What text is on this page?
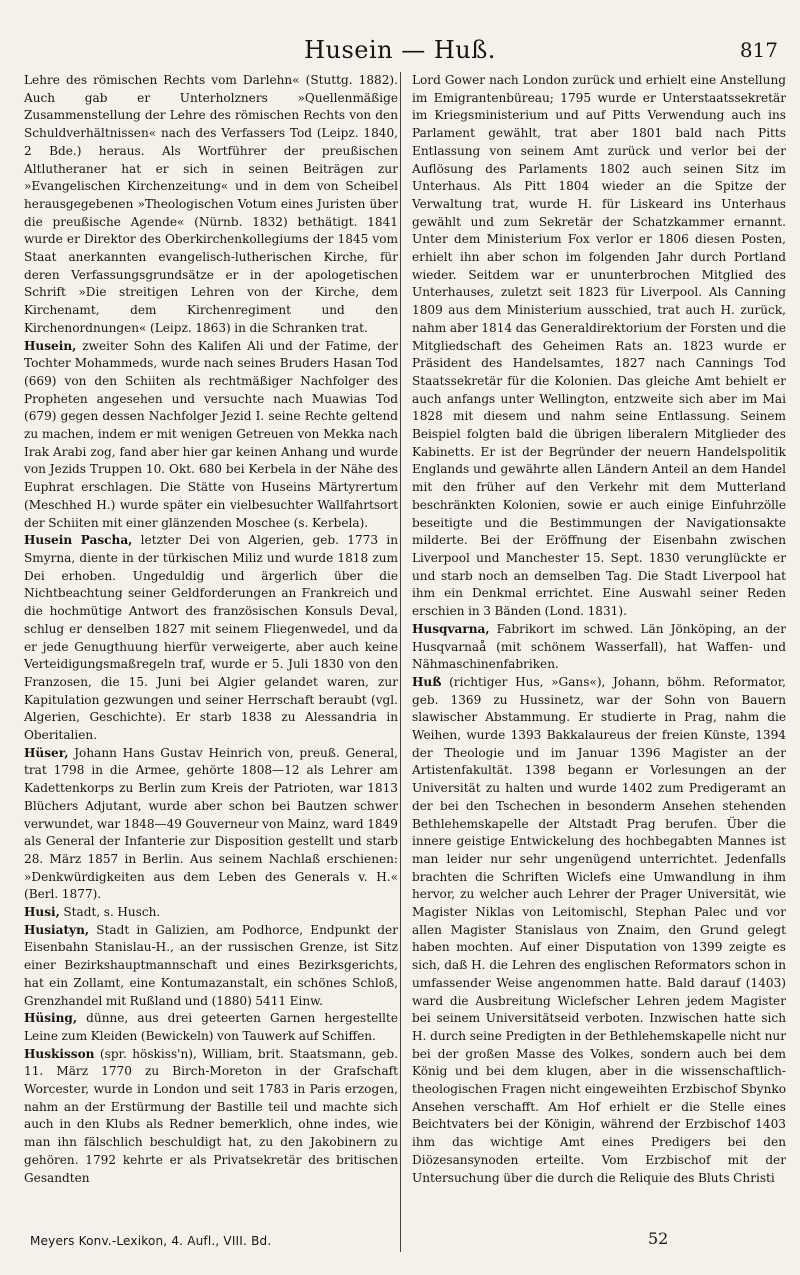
Husein — Huß.	817

Lehre des römischen Rechts vom Darlehn« (Stuttg. 1882). Auch gab er Unterholzners »Quellenmäßige Zusammenstellung der Lehre des römischen Rechts von den Schuldverhältnissen« nach des Verfassers Tod (Leipz. 1840, 2 Bde.) heraus. Als Wortführer der preußischen Altlutheraner hat er sich in seinen Beiträgen zur »Evangelischen Kirchenzeitung« und in dem von Scheibel herausgegebenen »Theologischen Votum eines Juristen über die preußische Agende« (Nürnb. 1832) bethätigt. 1841 wurde er Direktor des Oberkirchenkollegiums der 1845 vom Staat anerkannten evangelisch-lutherischen Kirche, für deren Verfassungsgrundsätze er in der apologetischen Schrift »Die streitigen Lehren von der Kirche, dem Kirchenamt, dem Kirchenregiment und den Kirchenordnungen« (Leipz. 1863) in die Schranken trat.

Husein, zweiter Sohn des Kalifen Ali und der Fatime, der Tochter Mohammeds, wurde nach seines Bruders Hasan Tod (669) von den Schiiten als rechtmäßiger Nachfolger des Propheten angesehen und versuchte nach Muawias Tod (679) gegen dessen Nachfolger Jezid I. seine Rechte geltend zu machen, indem er mit wenigen Getreuen von Mekka nach Irak Arabi zog, fand aber hier gar keinen Anhang und wurde von Jezids Truppen 10. Okt. 680 bei Kerbela in der Nähe des Euphrat erschlagen. Die Stätte von Huseins Märtyrertum (Meschhed H.) wurde später ein vielbesuchter Wallfahrtsort der Schiiten mit einer glänzenden Moschee (s. Kerbela).

Husein Pascha, letzter Dei von Algerien, geb. 1773 in Smyrna, diente in der türkischen Miliz und wurde 1818 zum Dei erhoben. Ungeduldig und ärgerlich über die Nichtbeachtung seiner Geldforderungen an Frankreich und die hochmütige Antwort des französischen Konsuls Deval, schlug er denselben 1827 mit seinem Fliegenwedel, und da er jede Genugthuung hierfür verweigerte, aber auch keine Verteidigungsmaßregeln traf, wurde er 5. Juli 1830 von den Franzosen, die 15. Juni bei Algier gelandet waren, zur Kapitulation gezwungen und seiner Herrschaft beraubt (vgl. Algerien, Geschichte). Er starb 1838 zu Alessandria in Oberitalien.

Hüser, Johann Hans Gustav Heinrich von, preuß. General, trat 1798 in die Armee, gehörte 1808—12 als Lehrer am Kadettenkorps zu Berlin zum Kreis der Patrioten, war 1813 Blüchers Adjutant, wurde aber schon bei Bautzen schwer verwundet, war 1848—49 Gouverneur von Mainz, ward 1849 als General der Infanterie zur Disposition gestellt und starb 28. März 1857 in Berlin. Aus seinem Nachlaß erschienen: »Denkwürdigkeiten aus dem Leben des Generals v. H.« (Berl. 1877).

Husi, Stadt, s. Husch.

Husiatyn, Stadt in Galizien, am Podhorce, Endpunkt der Eisenbahn Stanislau-H., an der russischen Grenze, ist Sitz einer Bezirkshauptmannschaft und eines Bezirksgerichts, hat ein Zollamt, eine Kontumazanstalt, ein schönes Schloß, Grenzhandel mit Rußland und (1880) 5411 Einw.

Hüsing, dünne, aus drei geteerten Garnen hergestellte Leine zum Kleiden (Bewickeln) von Tauwerk auf Schiffen.

Huskisson (spr. höskiss'n), William, brit. Staatsmann, geb. 11. März 1770 zu Birch-Moreton in der Grafschaft Worcester, wurde in London und seit 1783 in Paris erzogen, nahm an der Erstürmung der Bastille teil und machte sich auch in den Klubs als Redner bemerklich, ohne indes, wie man ihn fälschlich beschuldigt hat, zu den Jakobinern zu gehören. 1792 kehrte er als Privatsekretär des britischen Gesandten

Lord Gower nach London zurück und erhielt eine Anstellung im Emigrantenbüreau; 1795 wurde er Unterstaatssekretär im Kriegsministerium und auf Pitts Verwendung auch ins Parlament gewählt, trat aber 1801 bald nach Pitts Entlassung von seinem Amt zurück und verlor bei der Auflösung des Parlaments 1802 auch seinen Sitz im Unterhaus. Als Pitt 1804 wieder an die Spitze der Verwaltung trat, wurde H. für Liskeard ins Unterhaus gewählt und zum Sekretär der Schatzkammer ernannt. Unter dem Ministerium Fox verlor er 1806 diesen Posten, erhielt ihn aber schon im folgenden Jahr durch Portland wieder. Seitdem war er ununterbrochen Mitglied des Unterhauses, zuletzt seit 1823 für Liverpool. Als Canning 1809 aus dem Ministerium ausschied, trat auch H. zurück, nahm aber 1814 das Generaldirektorium der Forsten und die Mitgliedschaft des Geheimen Rats an. 1823 wurde er Präsident des Handelsamtes, 1827 nach Cannings Tod Staatssekretär für die Kolonien. Das gleiche Amt behielt er auch anfangs unter Wellington, entzweite sich aber im Mai 1828 mit diesem und nahm seine Entlassung. Seinem Beispiel folgten bald die übrigen liberalern Mitglieder des Kabinetts. Er ist der Begründer der neuern Handelspolitik Englands und gewährte allen Ländern Anteil an dem Handel mit den früher auf den Verkehr mit dem Mutterland beschränkten Kolonien, sowie er auch einige Einfuhrzölle beseitigte und die Bestimmungen der Navigationsakte milderte. Bei der Eröffnung der Eisenbahn zwischen Liverpool und Manchester 15. Sept. 1830 verunglückte er und starb noch an demselben Tag. Die Stadt Liverpool hat ihm ein Denkmal errichtet. Eine Auswahl seiner Reden erschien in 3 Bänden (Lond. 1831).

Husqvarna, Fabrikort im schwed. Län Jönköping, an der Husqvarnaå (mit schönem Wasserfall), hat Waffen- und Nähmaschinenfabriken.

Huß (richtiger Hus, »Gans«), Johann, böhm. Reformator, geb. 1369 zu Hussinetz, war der Sohn von Bauern slawischer Abstammung. Er studierte in Prag, nahm die Weihen, wurde 1393 Bakkalaureus der freien Künste, 1394 der Theologie und im Januar 1396 Magister an der Artistenfakultät. 1398 begann er Vorlesungen an der Universität zu halten und wurde 1402 zum Predigeramt an der bei den Tschechen in besonderm Ansehen stehenden Bethlehemskapelle der Altstadt Prag berufen. Über die innere geistige Entwickelung des hochbegabten Mannes ist man leider nur sehr ungenügend unterrichtet. Jedenfalls brachten die Schriften Wiclefs eine Umwandlung in ihm hervor, zu welcher auch Lehrer der Prager Universität, wie Magister Niklas von Leitomischl, Stephan Palec und vor allen Magister Stanislaus von Znaim, den Grund gelegt haben mochten. Auf einer Disputation von 1399 zeigte es sich, daß H. die Lehren des englischen Reformators schon in umfassender Weise angenommen hatte. Bald darauf (1403) ward die Ausbreitung Wiclefscher Lehren jedem Magister bei seinem Universitätseid verboten. Inzwischen hatte sich H. durch seine Predigten in der Bethlehemskapelle nicht nur bei der großen Masse des Volkes, sondern auch bei dem König und bei dem klugen, aber in die wissenschaftlich-theologischen Fragen nicht eingeweihten Erzbischof Sbynko Ansehen verschafft. Am Hof erhielt er die Stelle eines Beichtvaters bei der Königin, während der Erzbischof 1403 ihm das wichtige Amt eines Predigers bei den Diözesansynoden erteilte. Vom Erzbischof mit der Untersuchung über die durch die Reliquie des Bluts Christi

Meyers Konv.-Lexikon, 4. Aufl., VIII. Bd.	52
